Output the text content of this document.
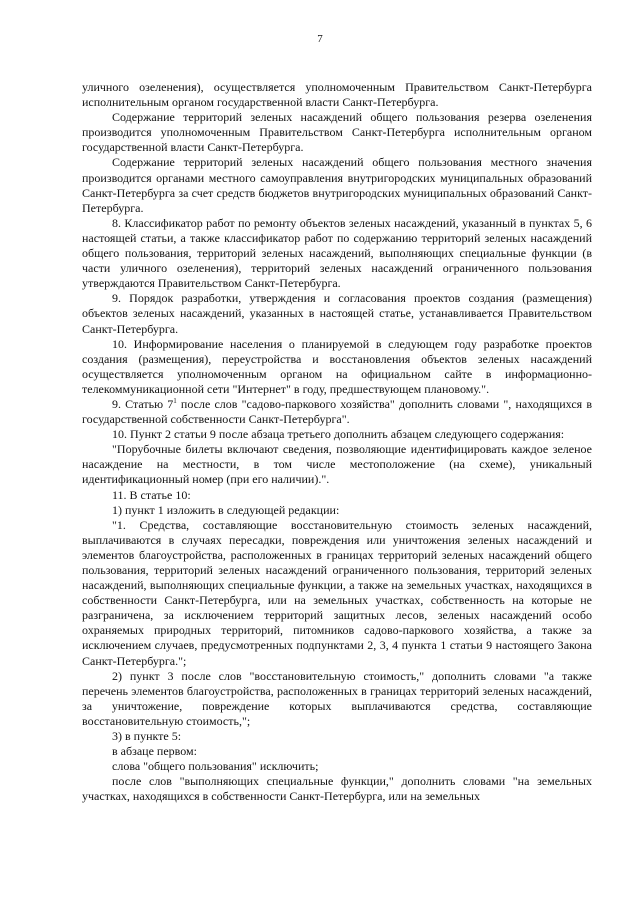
7

уличного озеленения), осуществляется уполномоченным Правительством Санкт-Петербурга исполнительным органом государственной власти Санкт-Петербурга.

Содержание территорий зеленых насаждений общего пользования резерва озеленения производится уполномоченным Правительством Санкт-Петербурга исполнительным органом государственной власти Санкт-Петербурга.

Содержание территорий зеленых насаждений общего пользования местного значения производится органами местного самоуправления внутригородских муниципальных образований Санкт-Петербурга за счет средств бюджетов внутригородских муниципальных образований Санкт-Петербурга.

8. Классификатор работ по ремонту объектов зеленых насаждений, указанный в пунктах 5, 6 настоящей статьи, а также классификатор работ по содержанию территорий зеленых насаждений общего пользования, территорий зеленых насаждений, выполняющих специальные функции (в части уличного озеленения), территорий зеленых насаждений ограниченного пользования утверждаются Правительством Санкт-Петербурга.

9. Порядок разработки, утверждения и согласования проектов создания (размещения) объектов зеленых насаждений, указанных в настоящей статье, устанавливается Правительством Санкт-Петербурга.

10. Информирование населения о планируемой в следующем году разработке проектов создания (размещения), переустройства и восстановления объектов зеленых насаждений осуществляется уполномоченным органом на официальном сайте в информационно-телекоммуникационной сети "Интернет" в году, предшествующем плановому.".

9. Статью $7^1$ после слов "садово-паркового хозяйства" дополнить словами ", находящихся в государственной собственности Санкт-Петербурга".

10. Пункт 2 статьи 9 после абзаца третьего дополнить абзацем следующего содержания:

"Порубочные билеты включают сведения, позволяющие идентифицировать каждое зеленое насаждение на местности, в том числе местоположение (на схеме), уникальный идентификационный номер (при его наличии).".

11. В статье 10:

1) пункт 1 изложить в следующей редакции:

"1. Средства, составляющие восстановительную стоимость зеленых насаждений, выплачиваются в случаях пересадки, повреждения или уничтожения зеленых насаждений и элементов благоустройства, расположенных в границах территорий зеленых насаждений общего пользования, территорий зеленых насаждений ограниченного пользования, территорий зеленых насаждений, выполняющих специальные функции, а также на земельных участках, находящихся в собственности Санкт-Петербурга, или на земельных участках, собственность на которые не разграничена, за исключением территорий защитных лесов, зеленых насаждений особо охраняемых природных территорий, питомников садово-паркового хозяйства, а также за исключением случаев, предусмотренных подпунктами 2, 3, 4 пункта 1 статьи 9 настоящего Закона Санкт-Петербурга.";

2) пункт 3 после слов "восстановительную стоимость," дополнить словами "а также перечень элементов благоустройства, расположенных в границах территорий зеленых насаждений, за уничтожение, повреждение которых выплачиваются средства, составляющие восстановительную стоимость,";

3) в пункте 5:

в абзаце первом:

слова "общего пользования" исключить;

после слов "выполняющих специальные функции," дополнить словами "на земельных участках, находящихся в собственности Санкт-Петербурга, или на земельных
